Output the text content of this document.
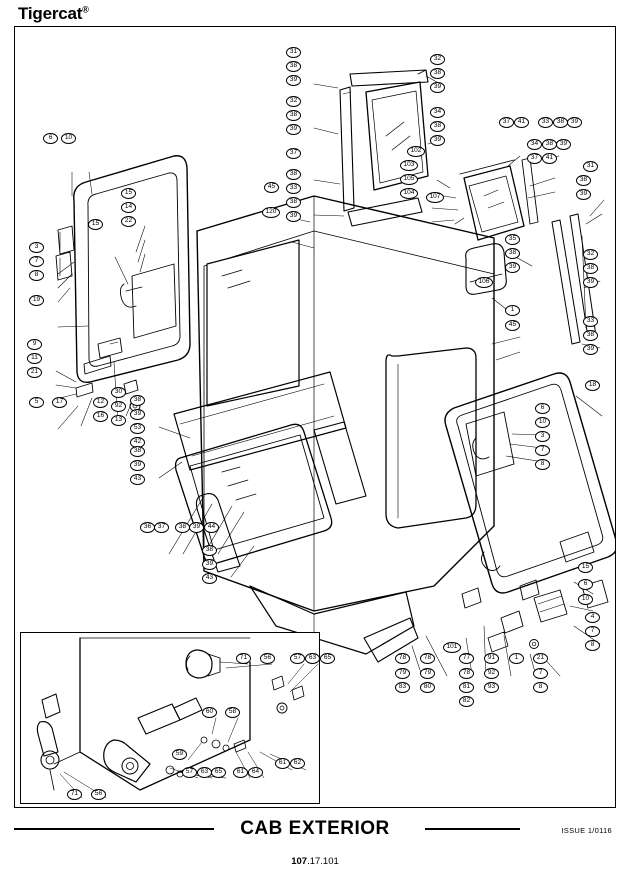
Tigercat®
6	10
15
14
22
15
3
7
8
19
9
11
21
5	17	12
16
30
92
13
38
39
53
42
38
39
43
36	37	38	39	44
38
39
43
31
38
39
32
38
39
37
38
33
38
39
45
120
32
38
39
34
38
39
102
103
105
104
107
37	41	33	38	39
34	38	39
37	41
31
38
39
32
38
39
33
38
39
35
38
39
106
1
45
18
6
10
3
7
8
15
6
10
4
7
8
78	78
79	79
83	80
101
77
78
81
82
91
92
93
1	21
7
8
71	56	57	63	65
60	58
59
57	63	65	61	64
61	62
71	56
CAB EXTERIOR	ISSUE 1/0116
107.17.101
